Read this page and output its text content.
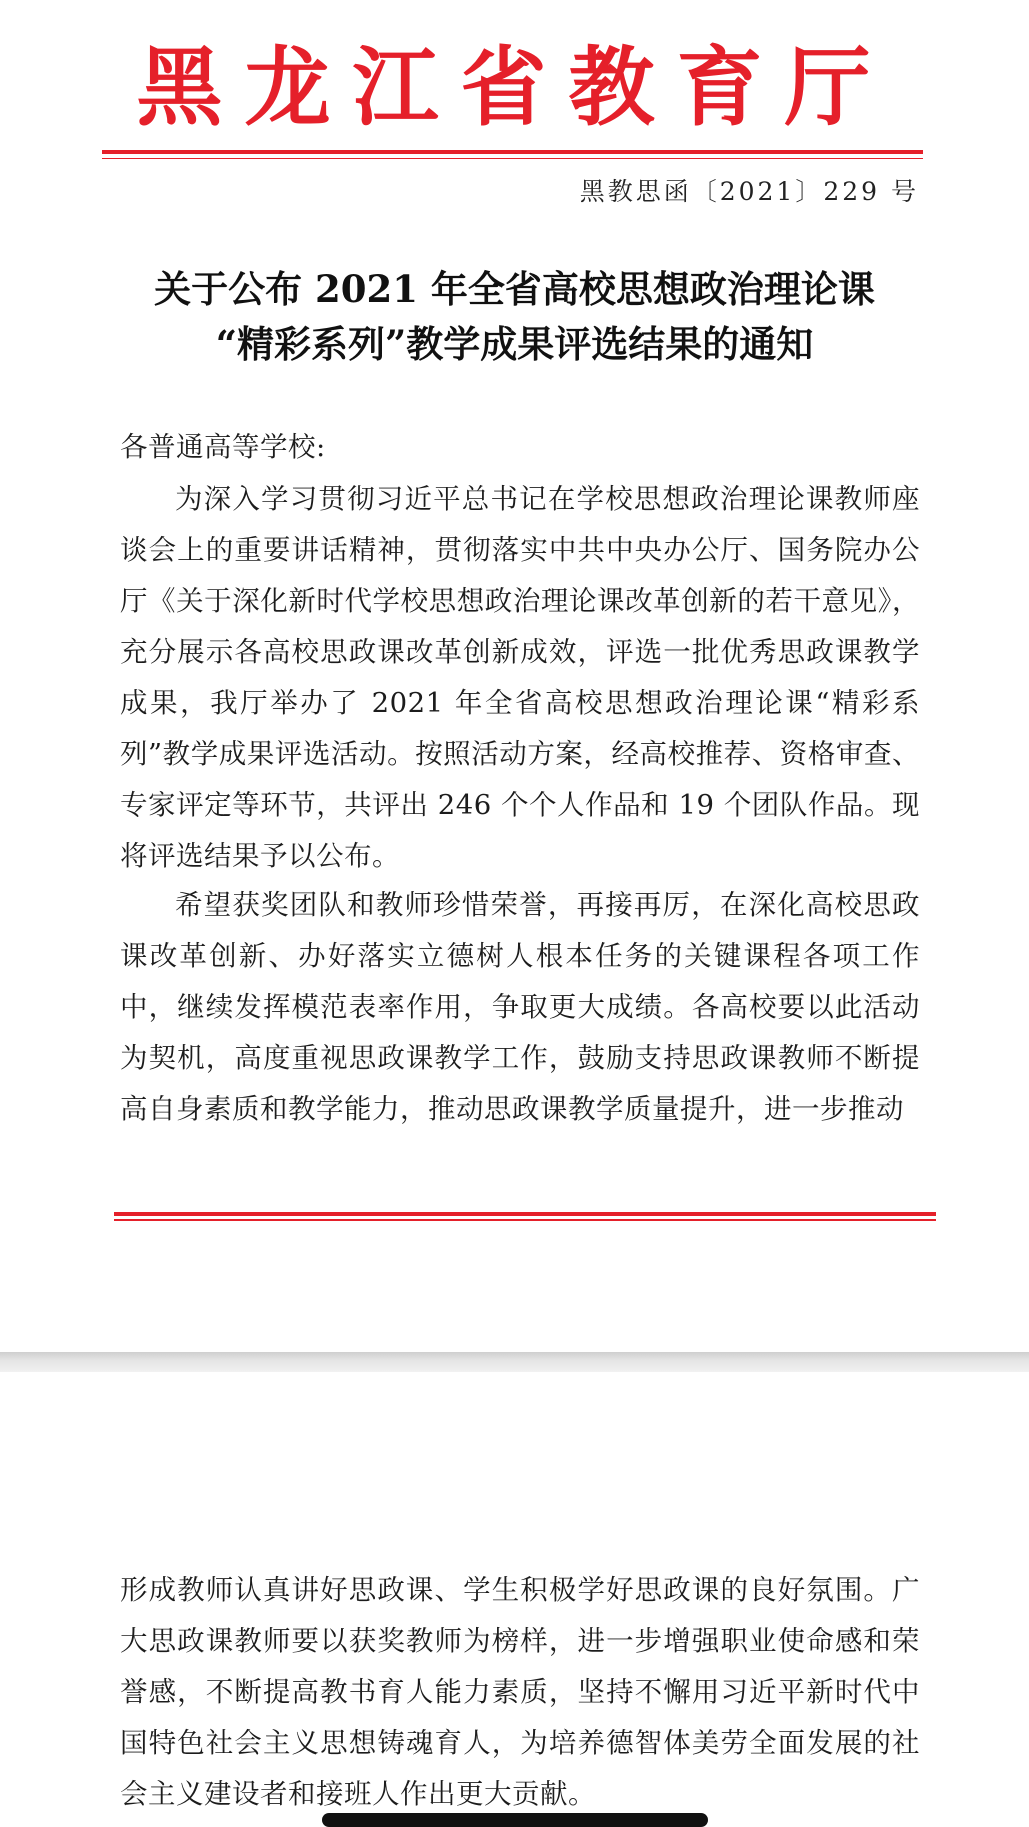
黑龙江省教育厅
黑教思函〔2021〕229 号
关于公布 2021 年全省高校思想政治理论课
“精彩系列”教学成果评选结果的通知
各普通高等学校:

为深入学习贯彻习近平总书记在学校思想政治理论课教师座谈会上的重要讲话精神，贯彻落实中共中央办公厅、国务院办公厅《关于深化新时代学校思想政治理论课改革创新的若干意见》，充分展示各高校思政课改革创新成效，评选一批优秀思政课教学成果，我厅举办了 2021 年全省高校思想政治理论课“精彩系列”教学成果评选活动。按照活动方案，经高校推荐、资格审查、专家评定等环节，共评出 246 个个人作品和 19 个团队作品。现将评选结果予以公布。

希望获奖团队和教师珍惜荣誉，再接再厉，在深化高校思政课改革创新、办好落实立德树人根本任务的关键课程各项工作中，继续发挥模范表率作用，争取更大成绩。各高校要以此活动为契机，高度重视思政课教学工作，鼓励支持思政课教师不断提高自身素质和教学能力，推动思政课教学质量提升，进一步推动

形成教师认真讲好思政课、学生积极学好思政课的良好氛围。广大思政课教师要以获奖教师为榜样，进一步增强职业使命感和荣誉感，不断提高教书育人能力素质，坚持不懈用习近平新时代中国特色社会主义思想铸魂育人，为培养德智体美劳全面发展的社会主义建设者和接班人作出更大贡献。
